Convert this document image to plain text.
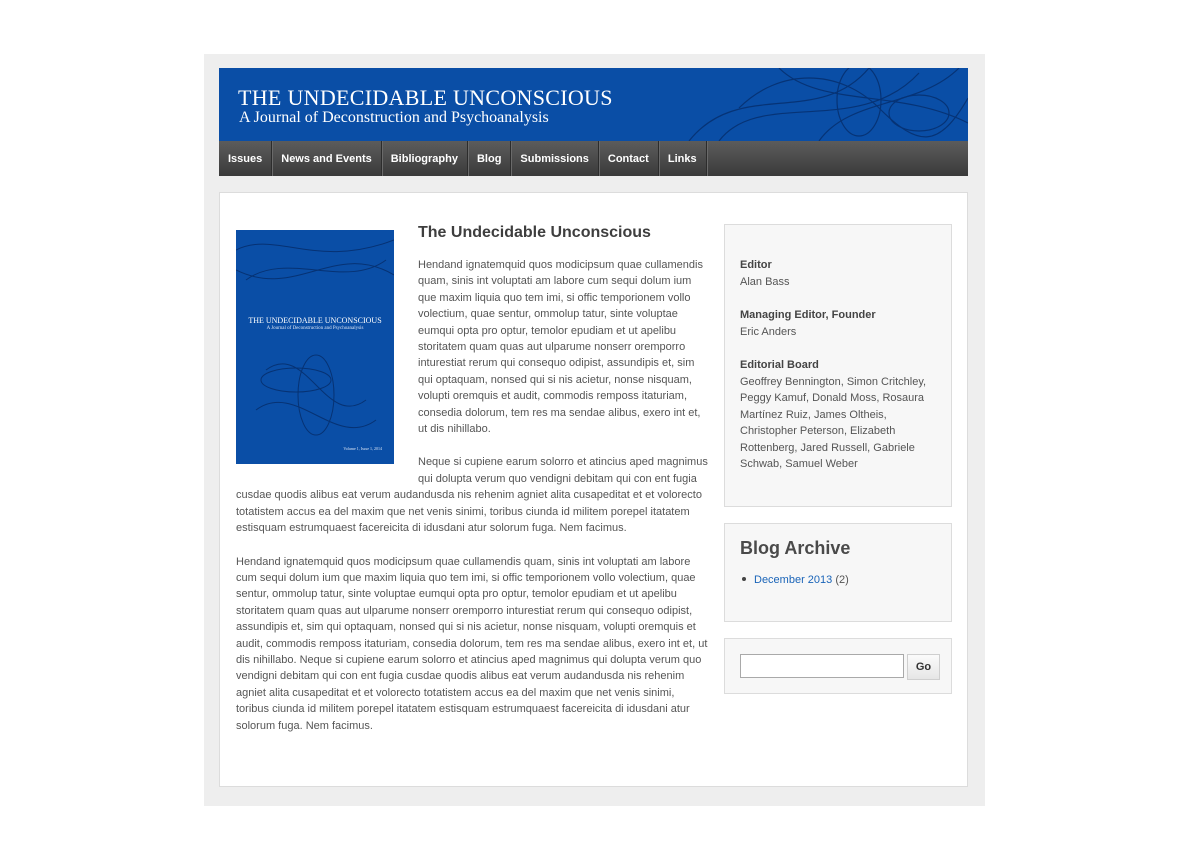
THE UNDECIDABLE UNCONSCIOUS
A Journal of Deconstruction and Psychoanalysis
Issues	News and Events	Bibliography	Blog	Submissions	Contact	Links
THE UNDECIDABLE UNCONSCIOUS
A Journal of Deconstruction and Psychoanalysis
Volume 1, Issue 1, 2014
The Undecidable Unconscious

Hendand ignatemquid quos modicipsum quae cullamendis quam, sinis int voluptati am labore cum sequi dolum ium que maxim liquia quo tem imi, si offic temporionem vollo volectium, quae sentur, ommolup tatur, sinte voluptae eumqui opta pro optur, temolor epudiam et ut apelibu storitatem quam quas aut ulparume nonserr oremporro inturestiat rerum qui consequo odipist, assundipis et, sim qui optaquam, nonsed qui si nis acietur, nonse nisquam, volupti oremquis et audit, commodis remposs itaturiam, consedia dolorum, tem res ma sendae alibus, exero int et, ut dis nihillabo.

Neque si cupiene earum solorro et atincius aped magnimus qui dolupta verum quo vendigni debitam qui con ent fugia cusdae quodis alibus eat verum audandusda nis rehenim agniet alita cusapeditat et et volorecto totatistem accus ea del maxim que net venis sinimi, toribus ciunda id militem porepel itatatem estisquam estrumquaest facereicita di idusdani atur solorum fuga. Nem facimus.

Hendand ignatemquid quos modicipsum quae cullamendis quam, sinis int voluptati am labore cum sequi dolum ium que maxim liquia quo tem imi, si offic temporionem vollo volectium, quae sentur, ommolup tatur, sinte voluptae eumqui opta pro optur, temolor epudiam et ut apelibu storitatem quam quas aut ulparume nonserr oremporro inturestiat rerum qui consequo odipist, assundipis et, sim qui optaquam, nonsed qui si nis acietur, nonse nisquam, volupti oremquis et audit, commodis remposs itaturiam, consedia dolorum, tem res ma sendae alibus, exero int et, ut dis nihillabo. Neque si cupiene earum solorro et atincius aped magnimus qui dolupta verum quo vendigni debitam qui con ent fugia cusdae quodis alibus eat verum audandusda nis rehenim agniet alita cusapeditat et et volorecto totatistem accus ea del maxim que net venis sinimi, toribus ciunda id militem porepel itatatem estisquam estrumquaest facereicita di idusdani atur solorum fuga. Nem facimus.

Editor
Alan Bass
Managing Editor, Founder
Eric Anders
Editorial Board
Geoffrey Bennington, Simon Critchley, Peggy Kamuf, Donald Moss, Rosaura Martínez Ruiz, James Oltheis, Christopher Peterson, Elizabeth Rottenberg, Jared Russell, Gabriele Schwab, Samuel Weber
Blog Archive
December 2013 (2)
Go
